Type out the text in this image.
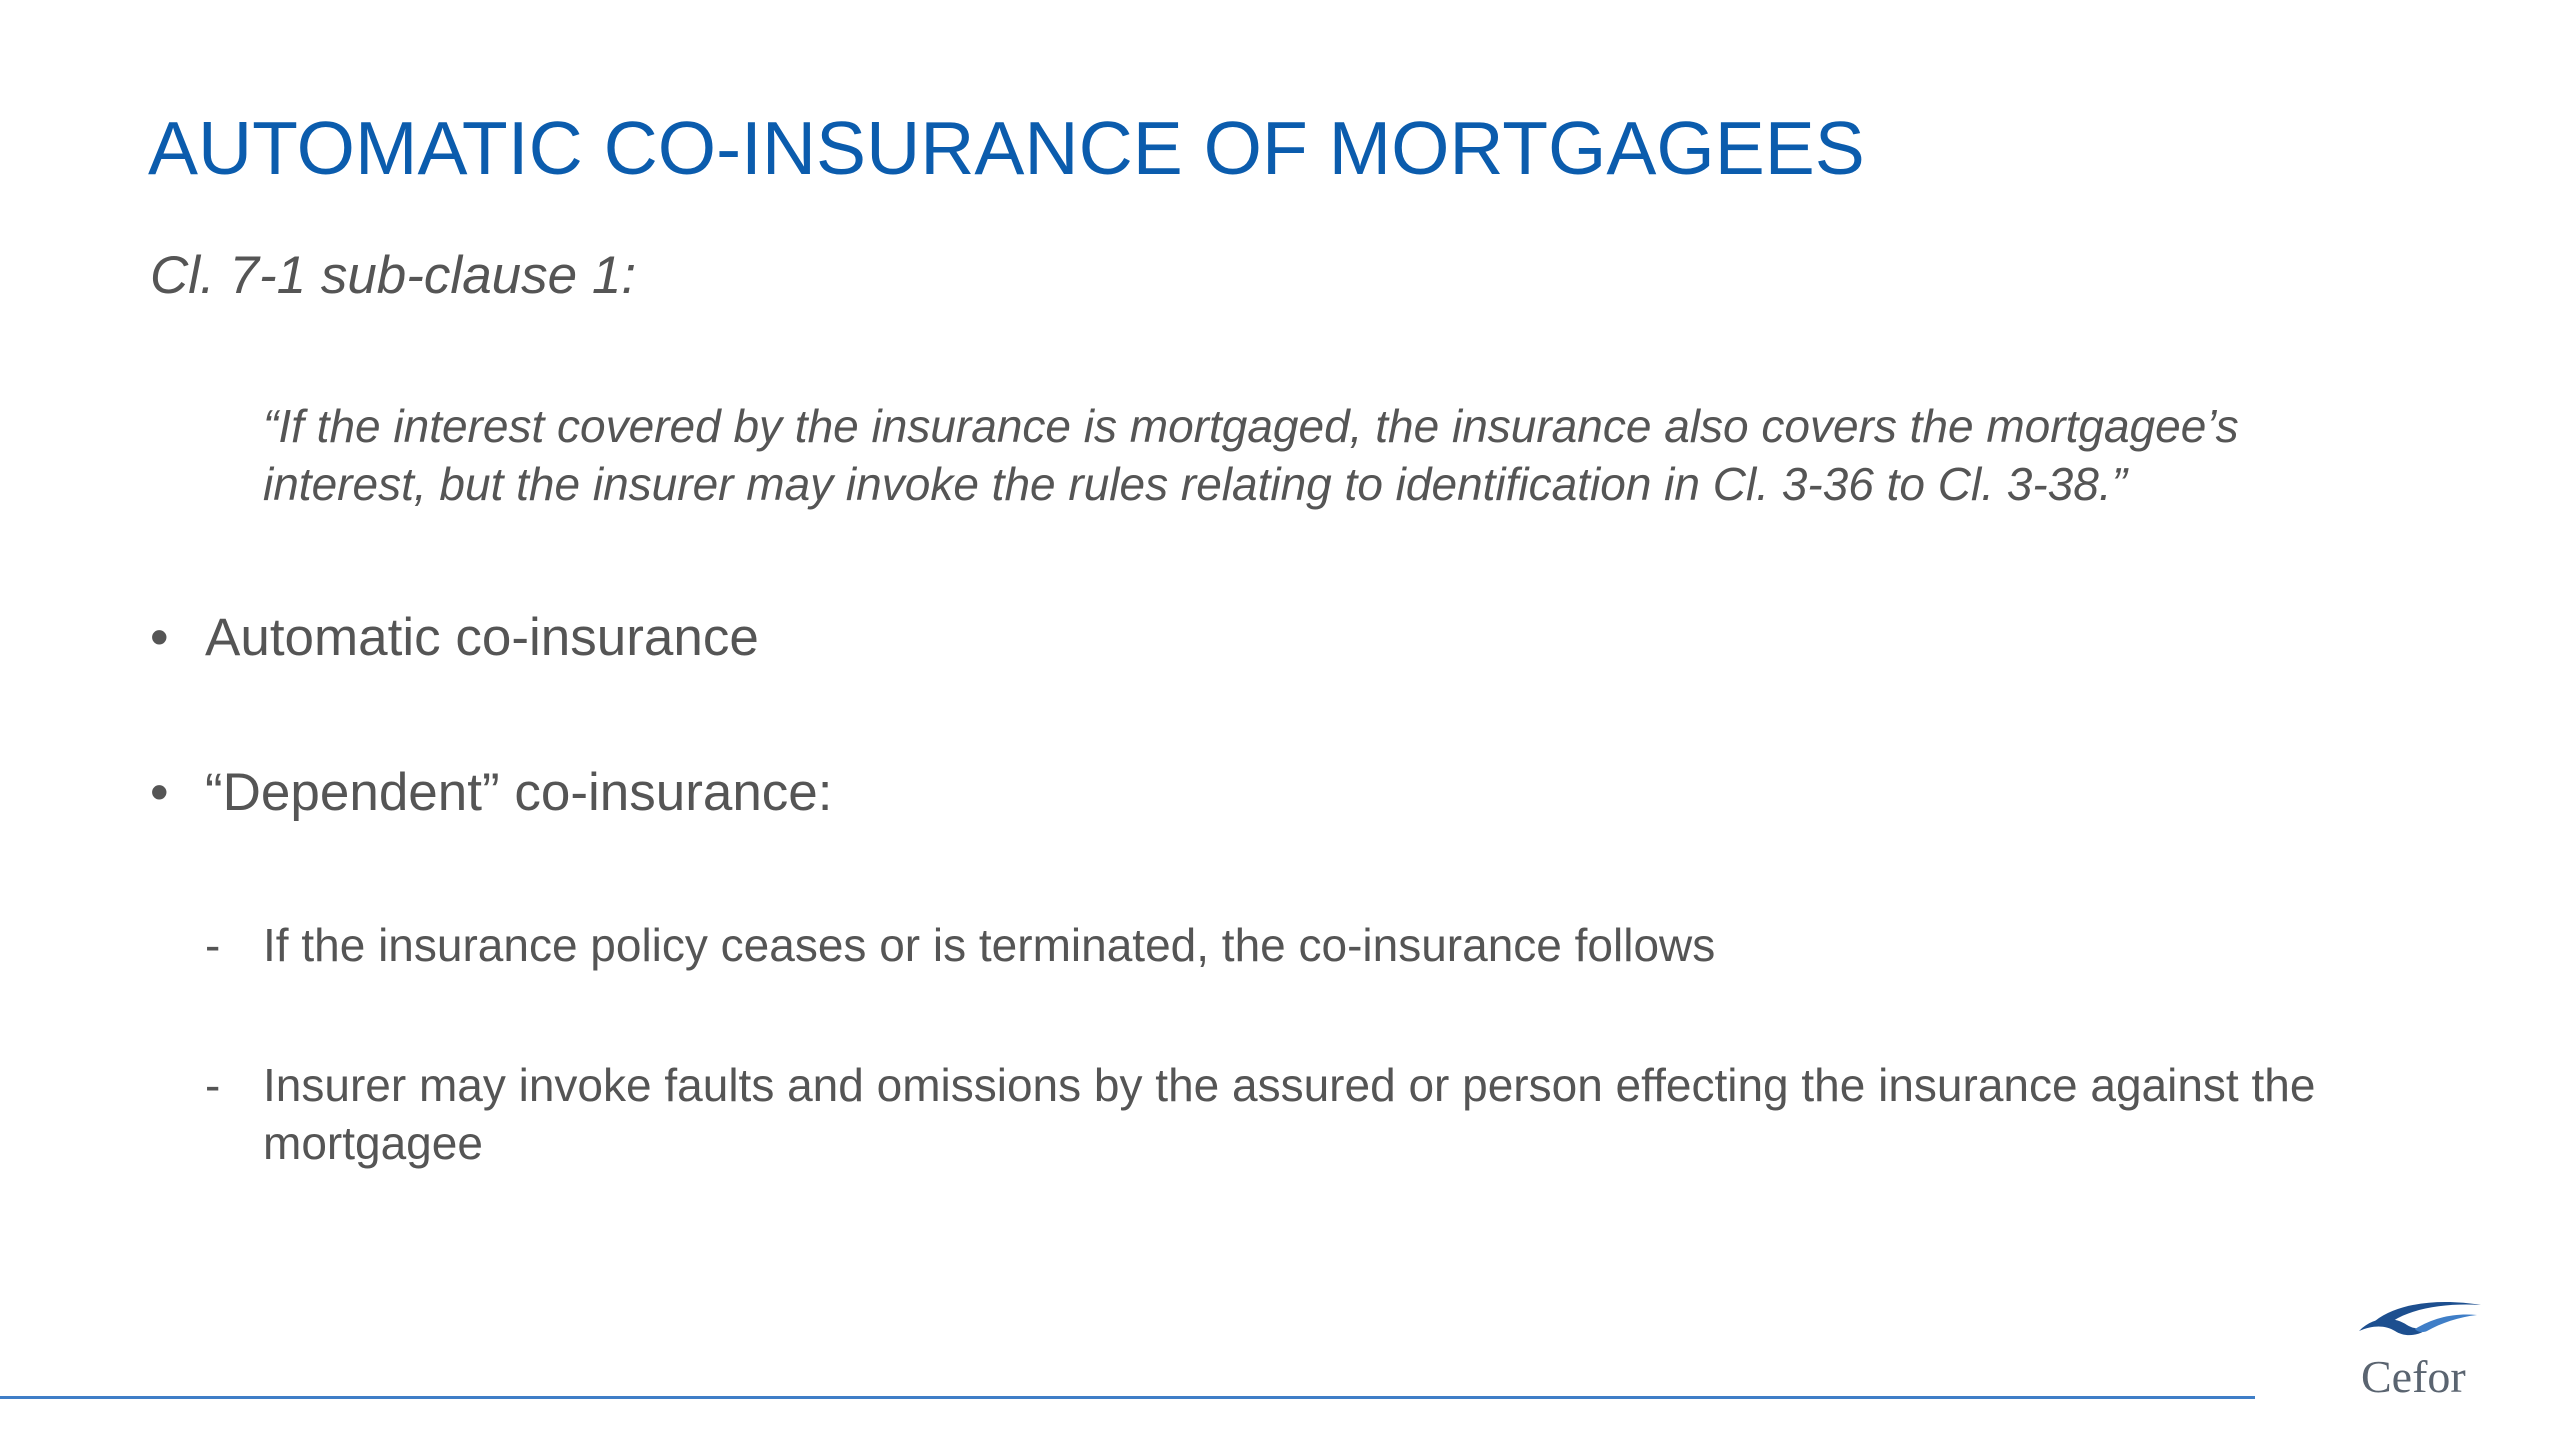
AUTOMATIC CO-INSURANCE OF MORTGAGEES

Cl. 7-1 sub-clause 1:

“If the interest covered by the insurance is mortgaged, the insurance also covers the mortgagee’s interest, but the insurer may invoke the rules relating to identification in Cl. 3-36 to Cl. 3-38.”

• Automatic co-insurance
• “Dependent” co-insurance:
- If the insurance policy ceases or is terminated, the co-insurance follows
- Insurer may invoke faults and omissions by the assured or person effecting the insurance against the mortgagee
Cefor
